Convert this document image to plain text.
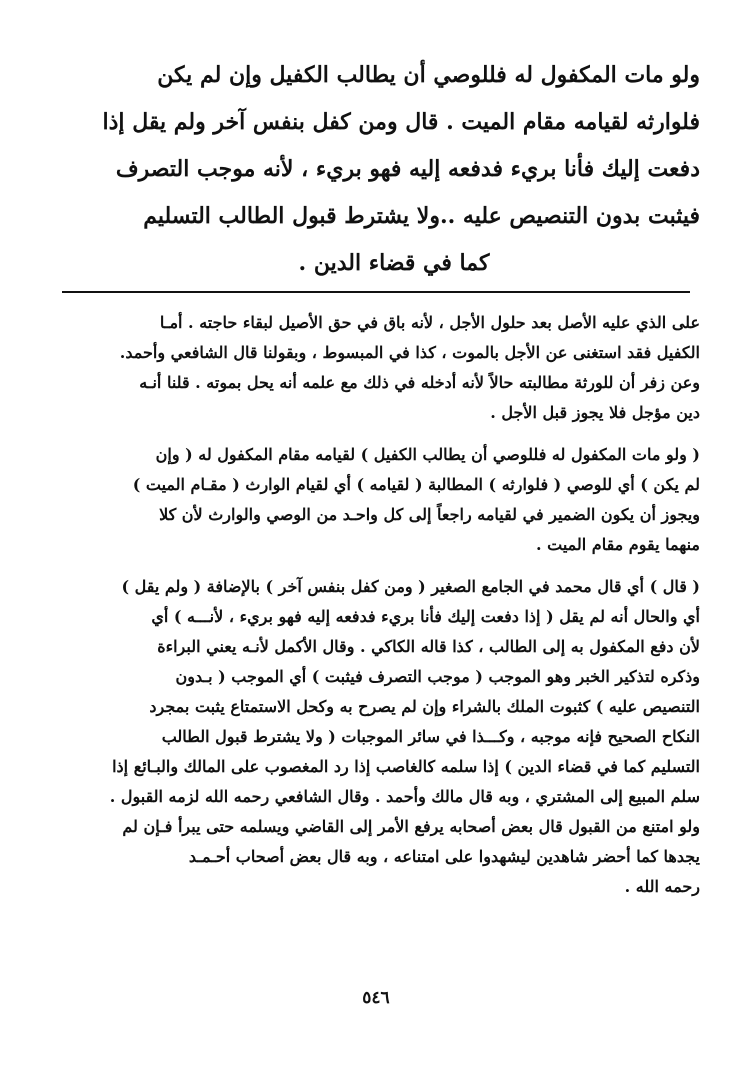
ولو مات المكفول له فللوصي أن يطالب الكفيل وإن لم يكن
فلوارثه لقيامه مقام الميت . قال ومن كفل بنفس آخر ولم يقل إذا
دفعت إليك فأنا بريء فدفعه إليه فهو بريء ، لأنه موجب التصرف
فيثبت بدون التنصيص عليه ..ولا يشترط قبول الطالب التسليم
كما في قضاء الدين .
على الذي عليه الأصل بعد حلول الأجل ، لأنه باق في حق الأصيل لبقاء حاجته . أمـا
الكفيل فقد استغنى عن الأجل بالموت ، كذا في المبسوط ، وبقولنا قال الشافعي وأحمد.
وعن زفر أن للورثة مطالبته حالاً لأنه أدخله في ذلك مع علمه أنه يحل بموته . قلنا أنـه
دين مؤجل فلا يجوز قبل الأجل .
( ولو مات المكفول له فللوصي أن يطالب الكفيل ) لقيامه مقام المكفول له ( وإن
لم يكن ) أي للوصي ( فلوارثه ) المطالبة ( لقيامه ) أي لقيام الوارث ( مقـام الميت )
ويجوز أن يكون الضمير في لقيامه راجعاً إلى كل واحـد من الوصي والوارث لأن كلا
منهما يقوم مقام الميت .
( قال ) أي قال محمد في الجامع الصغير ( ومن كفل بنفس آخر ) بالإضافة ( ولم يقل )
أي والحال أنه لم يقل ( إذا دفعت إليك فأنا بريء فدفعه إليه فهو بريء ، لأنـــه ) أي
لأن دفع المكفول به إلى الطالب ، كذا قاله الكاكي . وقال الأكمل لأنـه يعني البراءة
وذكره لتذكير الخبر وهو الموجب ( موجب التصرف فيثبت ) أي الموجب ( بـدون
التنصيص عليه ) كثبوت الملك بالشراء وإن لم يصرح به وكحل الاستمتاع يثبت بمجرد
النكاح الصحيح فإنه موجبه ، وكـــذا في سائر الموجبات ( ولا يشترط قبول الطالب
التسليم كما في قضاء الدين ) إذا سلمه كالغاصب إذا رد المغصوب على المالك والبـائع إذا
سلم المبيع إلى المشتري ، وبه قال مالك وأحمد . وقال الشافعي رحمه الله لزمه القبول .
ولو امتنع من القبول قال بعض أصحابه يرفع الأمر إلى القاضي ويسلمه حتى يبرأ فـإن لم
يجدها كما أحضر شاهدين ليشهدوا على امتناعه ، وبه قال بعض أصحاب أحـمـد
رحمه الله .
٥٤٦
